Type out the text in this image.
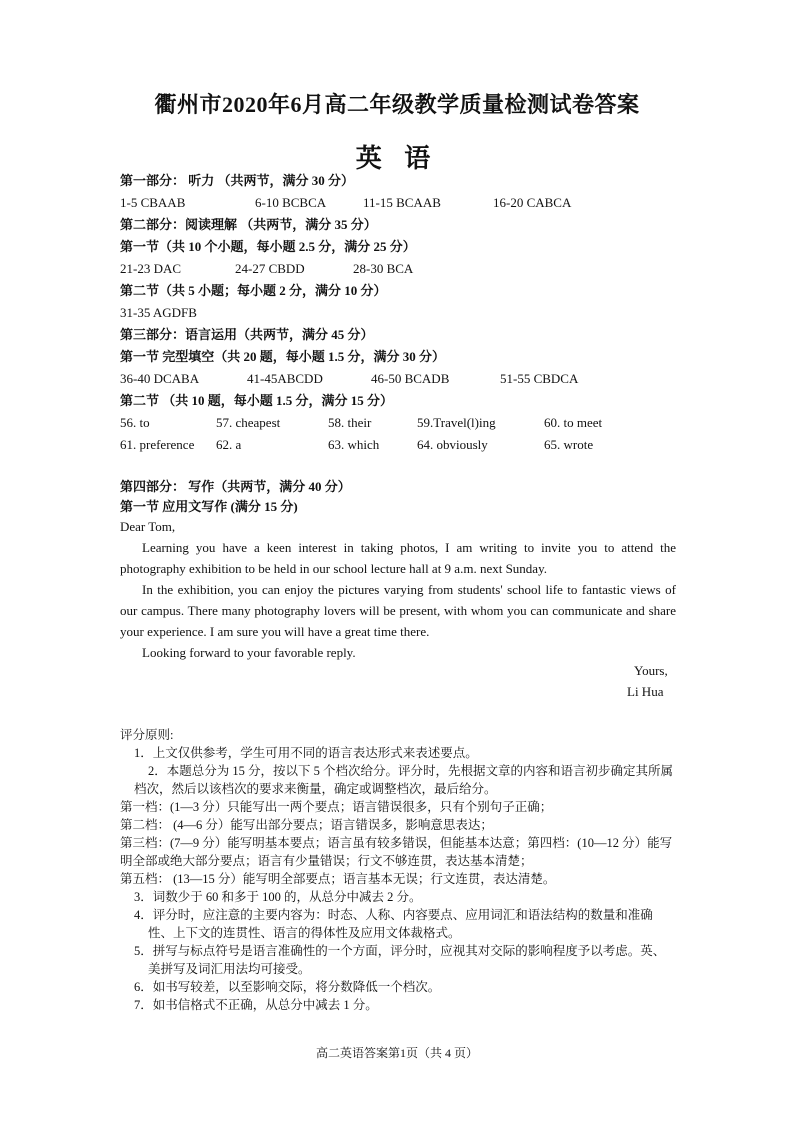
衢州市2020年6月高二年级教学质量检测试卷答案
英 语
第一部分： 听力 （共两节，满分 30 分）
1-5 CBAAB	6-10 BCBCA	11-15 BCAAB	16-20 CABCA
第二部分：阅读理解 （共两节，满分 35 分）
第一节（共 10 个小题，每小题 2.5 分，满分 25 分）
21-23 DAC	24-27 CBDD	28-30 BCA
第二节（共 5 小题；每小题 2 分，满分 10 分）
31-35 AGDFB
第三部分：语言运用（共两节，满分 45 分）
第一节 完型填空（共 20 题，每小题 1.5 分，满分 30 分）
36-40 DCABA	41-45ABCDD	46-50 BCADB	51-55 CBDCA
第二节 （共 10 题，每小题 1.5 分，满分 15 分）
56. to	57. cheapest	58. their	59.Travel(l)ing	60. to meet
61. preference 62. a	63. which	64. obviously	65. wrote
第四部分： 写作（共两节，满分 40 分）
第一节 应用文写作 (满分 15 分)

Dear Tom,

Learning you have a keen interest in taking photos, I am writing to invite you to attend the photography exhibition to be held in our school lecture hall at 9 a.m. next Sunday.

In the exhibition, you can enjoy the pictures varying from students' school life to fantastic views of our campus. There many photography lovers will be present, with whom you can communicate and share your experience. I am sure you will have a great time there.

Looking forward to your favorable reply.

Yours,
Li Hua

评分原则:

1．上文仅供参考，学生可用不同的语言表达形式来表述要点。

2．本题总分为 15 分，按以下 5 个档次给分。评分时，先根据文章的内容和语言初步确定其所属档次，然后以该档次的要求来衡量，确定或调整档次，最后给分。

第一档：(1—3 分）只能写出一两个要点；语言错误很多，只有个别句子正确；

第二档： (4—6 分）能写出部分要点；语言错误多，影响意思表达；

第三档：(7—9 分）能写明基本要点；语言虽有较多错误，但能基本达意；第四档：(10—12 分）能写明全部或绝大部分要点；语言有少量错误；行文不够连贯，表达基本清楚；

第五档： (13—15 分）能写明全部要点；语言基本无误；行文连贯，表达清楚。

3．词数少于 60 和多于 100 的，从总分中减去 2 分。

4．评分时，应注意的主要内容为：时态、人称、内容要点、应用词汇和语法结构的数量和准确性、上下文的连贯性、语言的得体性及应用文体裁格式。

5．拼写与标点符号是语言准确性的一个方面，评分时，应视其对交际的影响程度予以考虑。英、美拼写及词汇用法均可接受。

6．如书写较差，以至影响交际，将分数降低一个档次。

7．如书信格式不正确，从总分中减去 1 分。

高二英语答案第1页（共 4 页）
